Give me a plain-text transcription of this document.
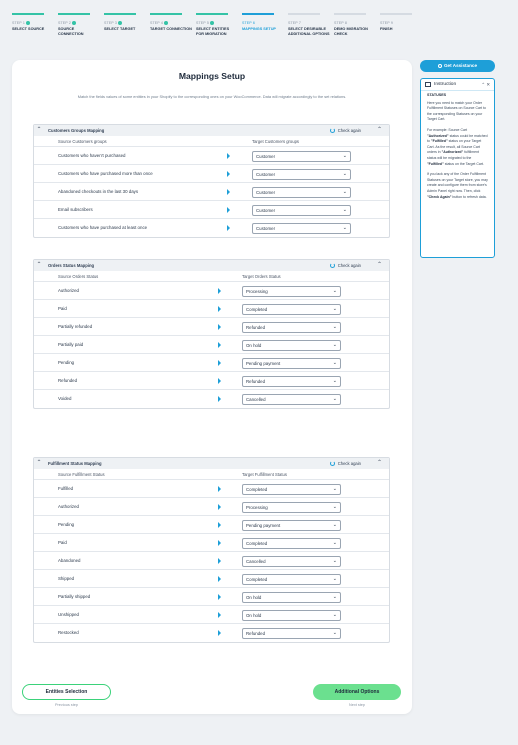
STEP 1
SELECT SOURCE
STEP 2
SOURCE CONNECTION
STEP 3
SELECT TARGET
STEP 4
TARGET CONNECTION
STEP 5
SELECT ENTITIES FOR MIGRATION
STEP 6
MAPPINGS SETUP
STEP 7
SELECT DESIRABLE ADDITIONAL OPTIONS
STEP 8
DEMO MIGRATION CHECK
STEP 9
FINISH
Mappings Setup
Match the fields values of some entities in your Shopify to the corresponding ones on your WooCommerce. Data will migrate accordingly to the set relations.
⌃	Customers Groups Mapping	Check again	⌃
Source Customers groups	Target Customers groups
Customers who haven't purchased	Customer	⌄
Customers who have purchased more than once	Customer	⌄
Abandoned checkouts in the last 30 days	Customer	⌄
Email subscribers	Customer	⌄
Customers who have purchased at least once	Customer	⌄
⌃	Orders Status Mapping	Check again	⌃
Source Orders Status	Target Orders Status
Authorized	Processing	⌄
Paid	Completed	⌄
Partially refunded	Refunded	⌄
Partially paid	On hold	⌄
Pending	Pending payment	⌄
Refunded	Refunded	⌄
Voided	Cancelled	⌄
⌃	Fulfillment Status Mapping	Check again	⌃
Source Fulfillment Status	Target Fulfillment Status
Fulfilled	Completed	⌄
Authorized	Processing	⌄
Pending	Pending payment	⌄
Paid	Completed	⌄
Abandoned	Cancelled	⌄
Shipped	Completed	⌄
Partially shipped	On hold	⌄
Unshipped	On hold	⌄
Restocked	Refunded	⌄
Entities Selection
Previous step
Additional Options
Next step
Get Assistance
Instruction	⌃ ✕
STATUSES

Here you need to match your Order Fulfillment Statuses on Source Cart to the corresponding Statuses on your Target Cart.

For example: Source Cart "Authorized" status could be matched to "Fulfilled" status on your Target Cart. As the result, all Source Cart orders in "Authorized" fulfillment status will be migrated to the "Fulfilled" status on the Target Cart.

If you lack any of the Order Fulfillment Statuses on your Target store, you may create and configure them from store's Admin Panel right now. Then, click "Check Again" button to refresh data.
